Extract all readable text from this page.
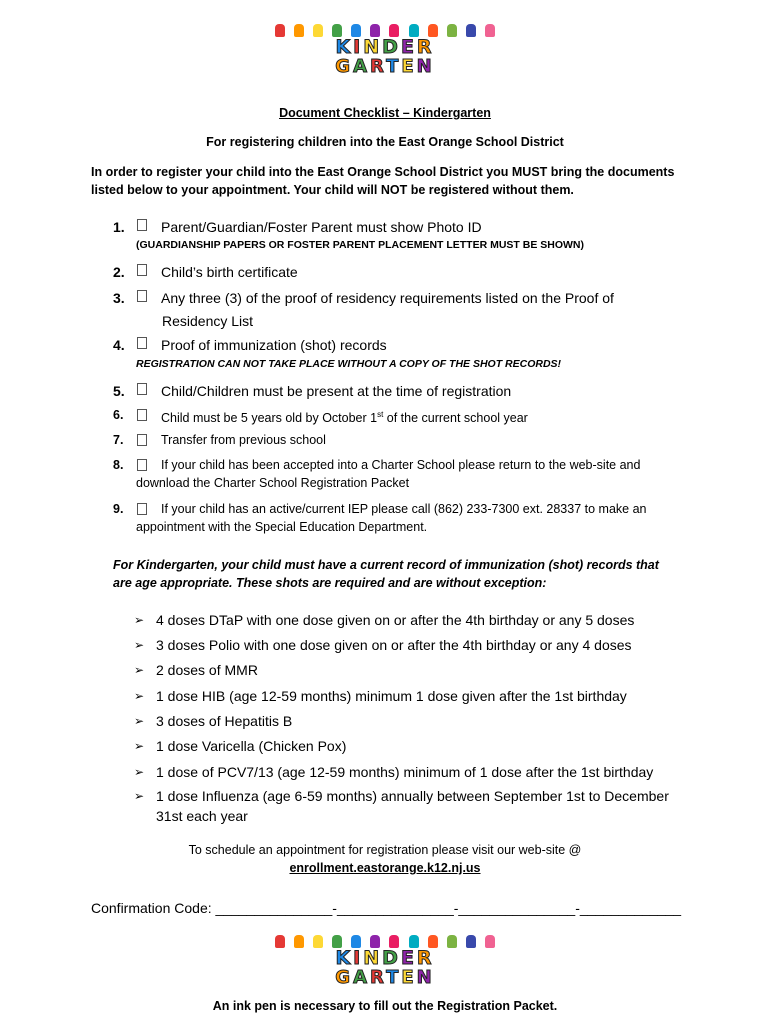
KINDER
GARTEN
Document Checklist – Kindergarten
For registering children into the East Orange School District
In order to register your child into the East Orange School District you MUST bring the documents listed below to your appointment. Your child will NOT be registered without them.
1.	Parent/Guardian/Foster Parent must show Photo ID
(GUARDIANSHIP PAPERS OR FOSTER PARENT PLACEMENT LETTER MUST BE SHOWN)
2.	Child’s birth certificate
3.	Any three (3) of the proof of residency requirements listed on the Proof of
Residency List
4.	Proof of immunization (shot) records
REGISTRATION CAN NOT TAKE PLACE WITHOUT A COPY OF THE SHOT RECORDS!
5.	Child/Children must be present at the time of registration
6.	Child must be 5 years old by October 1st of the current school year
7.	Transfer from previous school
8.	If your child has been accepted into a Charter School please return to the web-site and
download the Charter School Registration Packet
9.	If your child has an active/current IEP please call (862) 233-7300 ext. 28337 to make an
appointment with the Special Education Department.
For Kindergarten, your child must have a current record of immunization (shot) records that are age appropriate. These shots are required and are without exception:
➢ 4 doses DTaP with one dose given on or after the 4th birthday or any 5 doses
➢ 3 doses Polio with one dose given on or after the 4th birthday or any 4 doses
➢ 2 doses of MMR
➢ 1 dose HIB (age 12-59 months) minimum 1 dose given after the 1st birthday
➢ 3 doses of Hepatitis B
➢ 1 dose Varicella (Chicken Pox)
➢ 1 dose of PCV7/13 (age 12-59 months) minimum of 1 dose after the 1st birthday
➢ 1 dose Influenza (age 6-59 months) annually between September 1st to December
31st each year
To schedule an appointment for registration please visit our web-site @
enrollment.eastorange.k12.nj.us
Confirmation Code: _______________-_______________-_______________-_____________
KINDER
GARTEN
An ink pen is necessary to fill out the Registration Packet.
